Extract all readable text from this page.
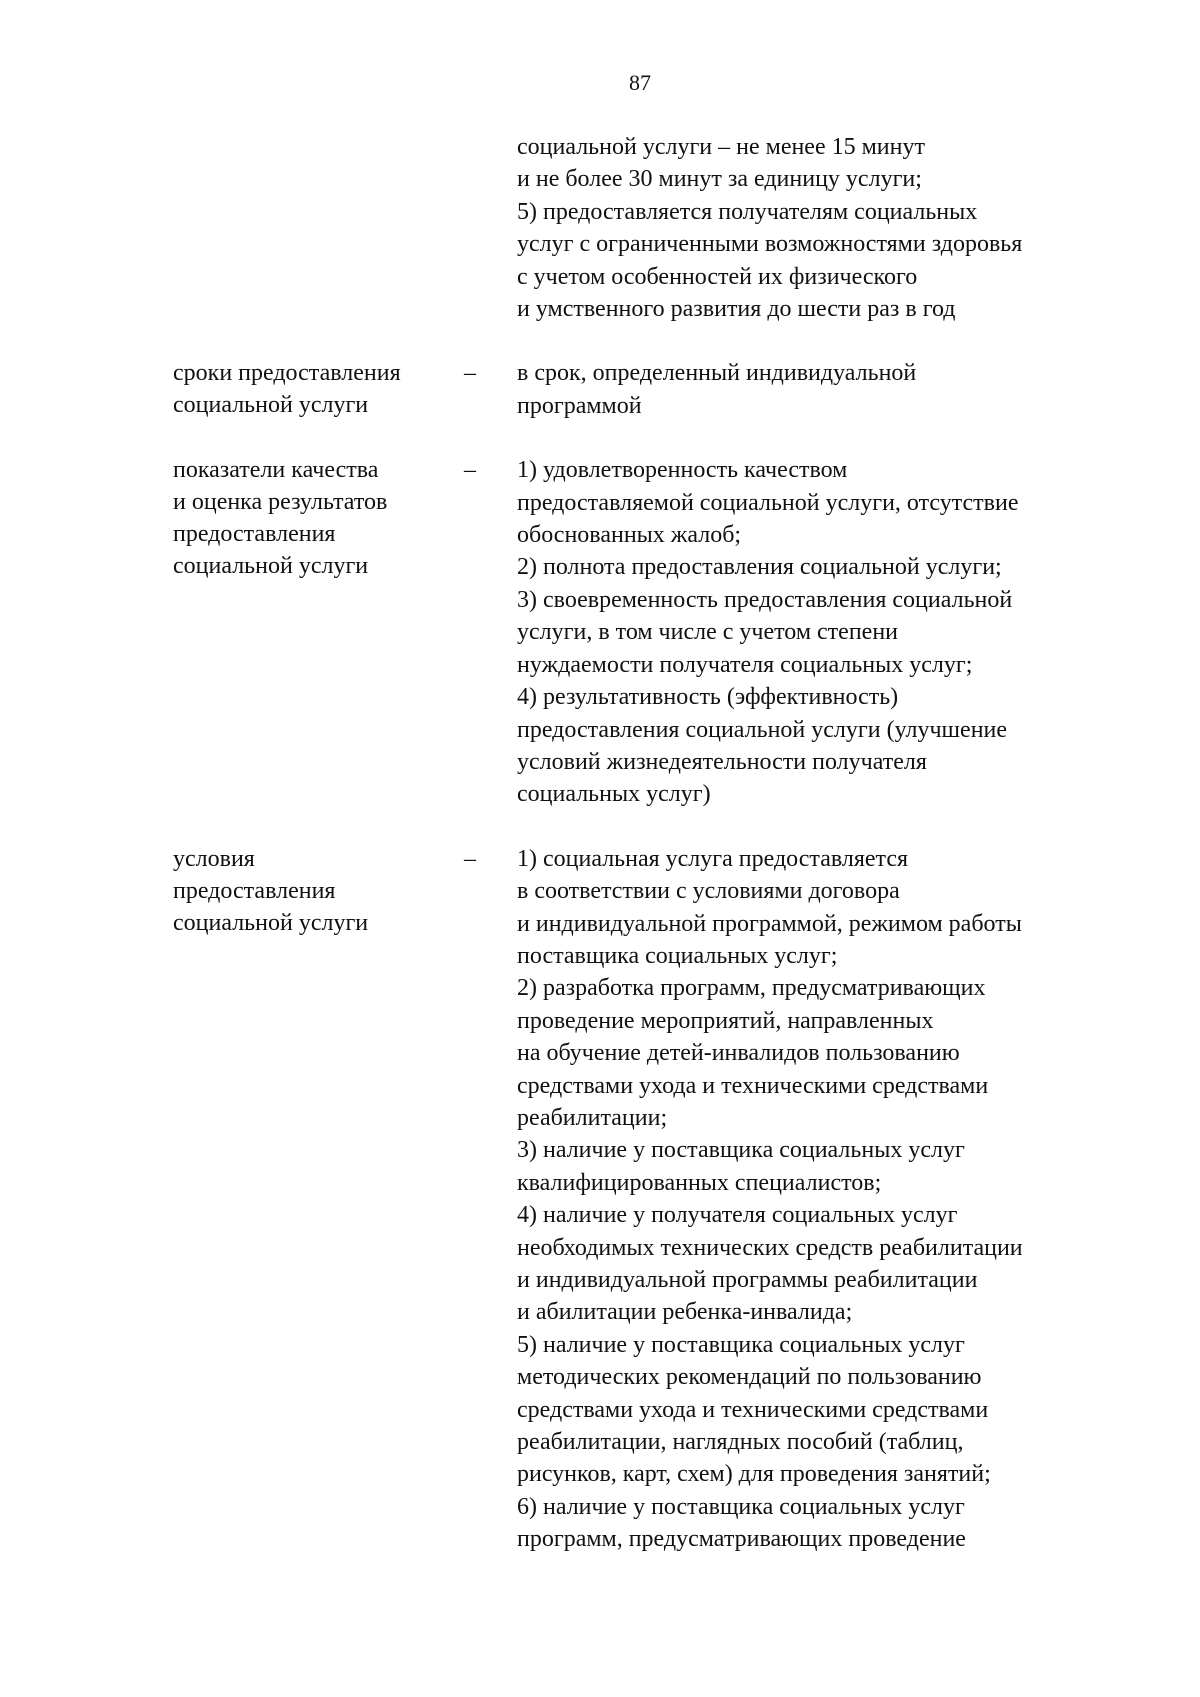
87
социальной услуги – не менее 15 минут
и не более 30 минут за единицу услуги;
5) предоставляется получателям социальных
услуг с ограниченными возможностями здоровья
с учетом особенностей их физического
и умственного развития до шести раз в год
сроки предоставления
социальной услуги
–	в срок, определенный индивидуальной
программой
показатели качества
и оценка результатов
предоставления
социальной услуги
–	1) удовлетворенность качеством
предоставляемой социальной услуги, отсутствие
обоснованных жалоб;
2) полнота предоставления социальной услуги;
3) своевременность предоставления социальной
услуги, в том числе с учетом степени
нуждаемости получателя социальных услуг;
4) результативность (эффективность)
предоставления социальной услуги (улучшение
условий жизнедеятельности получателя
социальных услуг)
условия
предоставления
социальной услуги
–	1) социальная услуга предоставляется
в соответствии с условиями договора
и индивидуальной программой, режимом работы
поставщика социальных услуг;
2) разработка программ, предусматривающих
проведение мероприятий, направленных
на обучение детей-инвалидов пользованию
средствами ухода и техническими средствами
реабилитации;
3) наличие у поставщика социальных услуг
квалифицированных специалистов;
4) наличие у получателя социальных услуг
необходимых технических средств реабилитации
и индивидуальной программы реабилитации
и абилитации ребенка-инвалида;
5) наличие у поставщика социальных услуг
методических рекомендаций по пользованию
средствами ухода и техническими средствами
реабилитации, наглядных пособий (таблиц,
рисунков, карт, схем) для проведения занятий;
6) наличие у поставщика социальных услуг
программ, предусматривающих проведение
